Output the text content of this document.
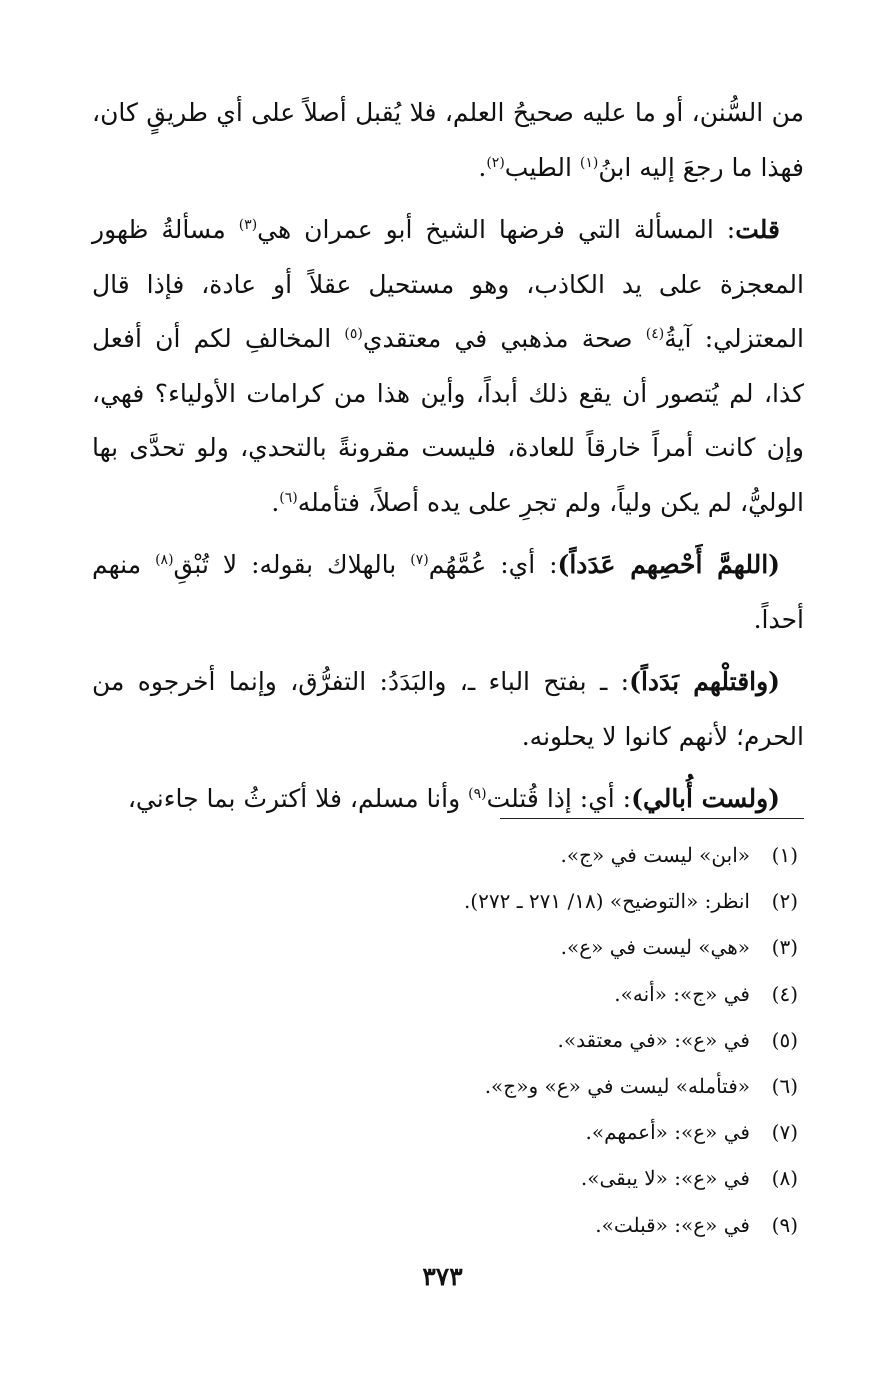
من السُّنن، أو ما عليه صحيحُ العلم، فلا يُقبل أصلاً على أي طريقٍ كان، فهذا ما رجعَ إليه ابنُ$^{(١)}$ الطيب$^{(٢)}$.

قلت: المسألة التي فرضها الشيخ أبو عمران هي$^{(٣)}$ مسألةُ ظهور المعجزة على يد الكاذب، وهو مستحيل عقلاً أو عادة، فإذا قال المعتزلي: آيةُ$^{(٤)}$ صحة مذهبي في معتقدي$^{(٥)}$ المخالفِ لكم أن أفعل كذا، لم يُتصور أن يقع ذلك أبداً، وأين هذا من كرامات الأولياء؟ فهي، وإن كانت أمراً خارقاً للعادة، فليست مقرونةً بالتحدي، ولو تحدَّى بها الوليُّ، لم يكن ولياً، ولم تجرِ على يده أصلاً، فتأمله$^{(٦)}$.

(اللهمَّ أَحْصِهم عَدَداً): أي: عُمَّهُم$^{(٧)}$ بالهلاك بقوله: لا تُبْقِ$^{(٨)}$ منهم أحداً.

(واقتلْهم بَدَداً): ـ بفتح الباء ـ، والبَدَدُ: التفرُّق، وإنما أخرجوه من الحرم؛ لأنهم كانوا لا يحلونه.

(ولست أُبالي): أي: إذا قُتلت$^{(٩)}$ وأنا مسلم، فلا أكترثُ بما جاءني،

(١)«ابن» ليست في «ج».
(٢)انظر: «التوضيح» (١٨/ ٢٧١ ـ ٢٧٢).
(٣)«هي» ليست في «ع».
(٤)في «ج»: «أنه».
(٥)في «ع»: «في معتقد».
(٦)«فتأمله» ليست في «ع» و«ج».
(٧)في «ع»: «أعمهم».
(٨)في «ع»: «لا يبقى».
(٩)في «ع»: «قبلت».
٣٧٣
